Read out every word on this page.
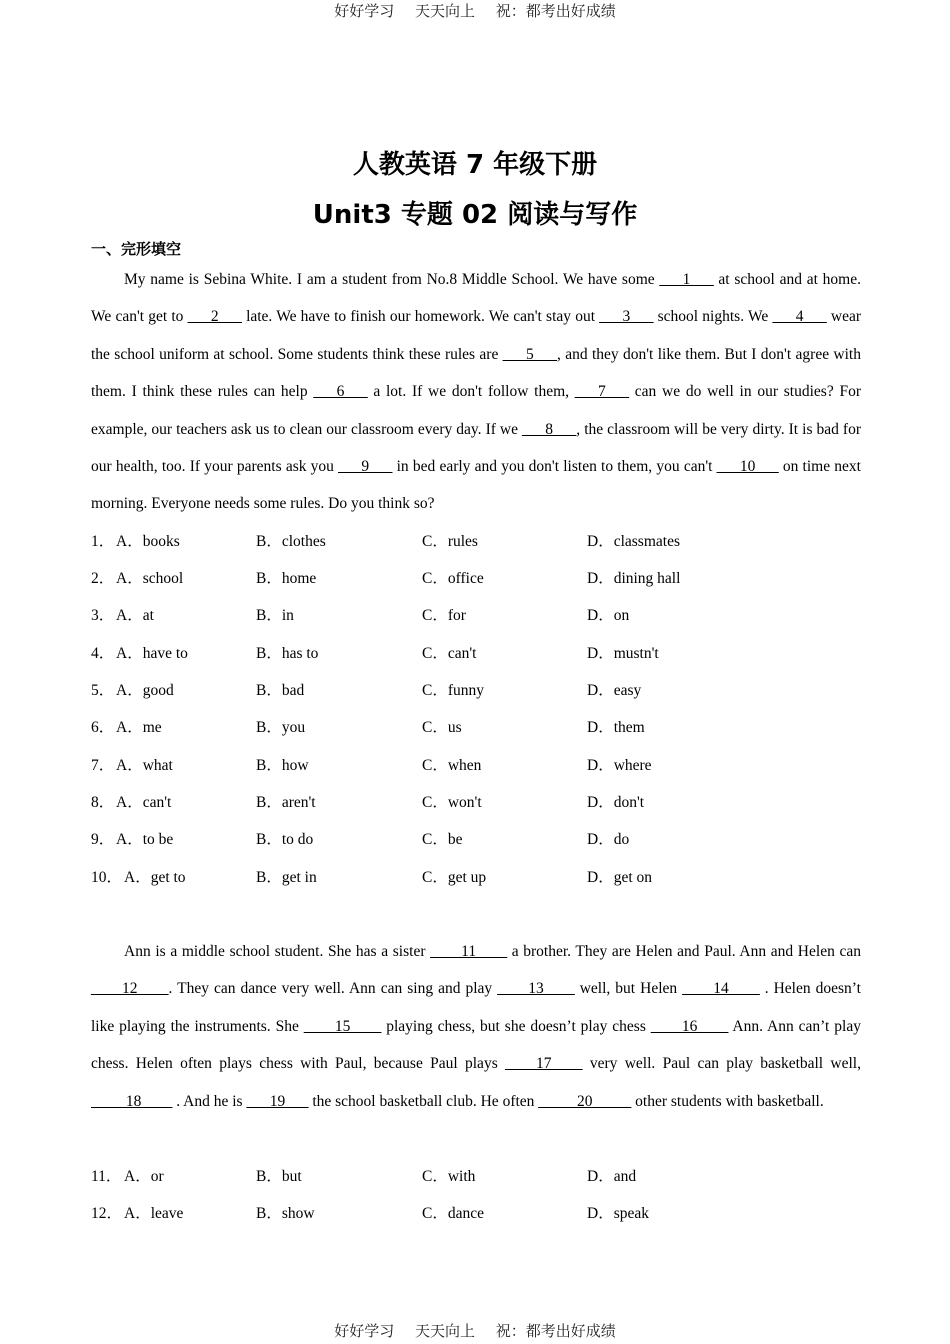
好好学习 天天向上 祝：都考出好成绩
人教英语 7 年级下册
Unit3 专题 02 阅读与写作
一、完形填空
My name is Sebina White. I am a student from No.8 Middle School. We have some ___1___ at school and at home. We can't get to ___2___ late. We have to finish our homework. We can't stay out ___3___ school nights. We ___4___ wear the school uniform at school. Some students think these rules are ___5___, and they don't like them. But I don't agree with them. I think these rules can help ___6___ a lot. If we don't follow them, ___7___ can we do well in our studies? For example, our teachers ask us to clean our classroom every day. If we ___8___, the classroom will be very dirty. It is bad for our health, too. If your parents ask you ___9___ in bed early and you don't listen to them, you can't ___10___ on time next morning. Everyone needs some rules. Do you think so?
1． A．books	B．clothes	C．rules	D．classmates
2． A．school	B．home	C．office	D．dining hall
3． A．at	B．in	C．for	D．on
4． A．have to	B．has to	C．can't	D．mustn't
5． A．good	B．bad	C．funny	D．easy
6． A．me	B．you	C．us	D．them
7． A．what	B．how	C．when	D．where
8． A．can't	B．aren't	C．won't	D．don't
9． A．to be	B．to do	C．be	D．do
10． A．get to	B．get in	C．get up	D．get on
Ann is a middle school student. She has a sister ____11____ a brother. They are Helen and Paul. Ann and Helen can ____12____. They can dance very well. Ann can sing and play ____13____ well, but Helen ____14____ . Helen doesn’t like playing the instruments. She ____15____ playing chess, but she doesn’t play chess ____16____ Ann. Ann can’t play chess. Helen often plays chess with Paul, because Paul plays ____17____ very well. Paul can play basketball well,  ____18____ . And he is ___19___ the school basketball club. He often _____20_____ other students with basketball.
11． A．or	B．but	C．with	D．and
12． A．leave	B．show	C．dance	D．speak
好好学习 天天向上 祝：都考出好成绩
